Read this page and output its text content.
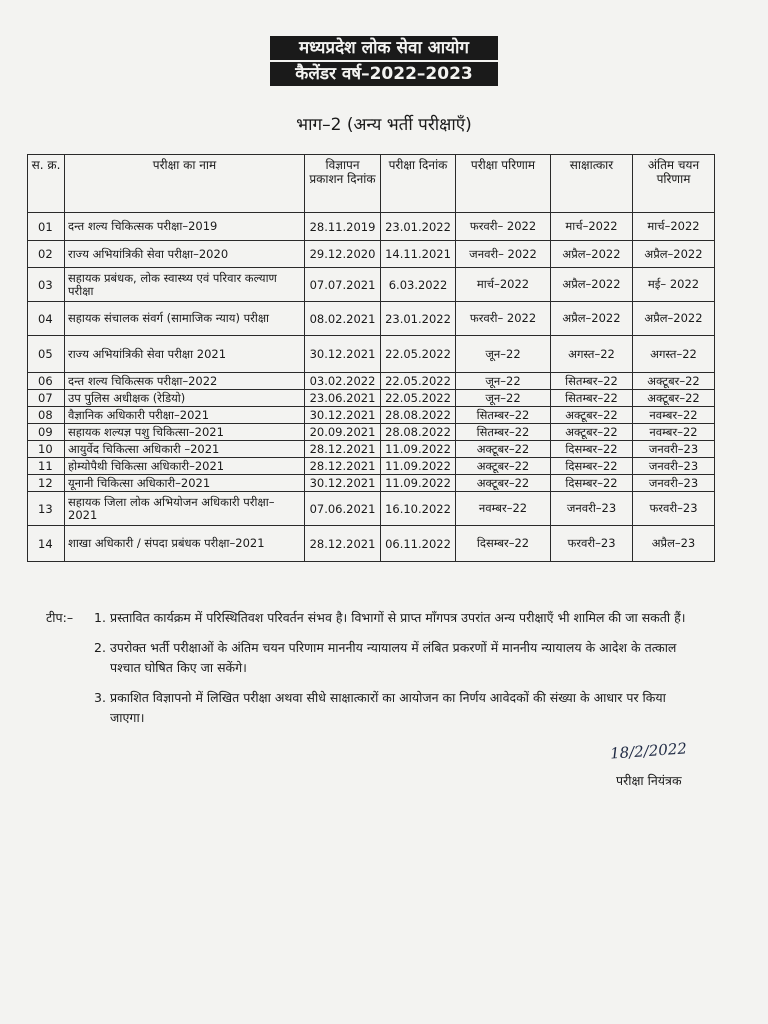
मध्यप्रदेश लोक सेवा आयोग
कैलेंडर वर्ष–2022–2023
भाग–2 (अन्य भर्ती परीक्षाएँ)
स. क्र.	परीक्षा का नाम	विज्ञापन प्रकाशन दिनांक	परीक्षा दिनांक	परीक्षा परिणाम	साक्षात्कार	अंतिम चयन परिणाम
01	दन्त शल्य चिकित्सक परीक्षा–2019	28.11.2019	23.01.2022	फरवरी– 2022	मार्च–2022	मार्च–2022
02	राज्य अभियांत्रिकी सेवा परीक्षा–2020	29.12.2020	14.11.2021	जनवरी– 2022	अप्रैल–2022	अप्रैल–2022
03	सहायक प्रबंधक, लोक स्वास्थ्य एवं परिवार कल्याण परीक्षा	07.07.2021	6.03.2022	मार्च–2022	अप्रैल–2022	मई– 2022
04	सहायक संचालक संवर्ग (सामाजिक न्याय) परीक्षा	08.02.2021	23.01.2022	फरवरी– 2022	अप्रैल–2022	अप्रैल–2022
05	राज्य अभियांत्रिकी सेवा परीक्षा 2021	30.12.2021	22.05.2022	जून–22	अगस्त–22	अगस्त–22
06	दन्त शल्य चिकित्सक परीक्षा–2022	03.02.2022	22.05.2022	जून–22	सितम्बर–22	अक्टूबर–22
07	उप पुलिस अधीक्षक (रेडियो)	23.06.2021	22.05.2022	जून–22	सितम्बर–22	अक्टूबर–22
08	वैज्ञानिक अधिकारी परीक्षा–2021	30.12.2021	28.08.2022	सितम्बर–22	अक्टूबर–22	नवम्बर–22
09	सहायक शल्यज्ञ पशु चिकित्सा–2021	20.09.2021	28.08.2022	सितम्बर–22	अक्टूबर–22	नवम्बर–22
10	आयुर्वेद चिकित्सा अधिकारी –2021	28.12.2021	11.09.2022	अक्टूबर–22	दिसम्बर–22	जनवरी–23
11	होम्योपैथी चिकित्सा अधिकारी–2021	28.12.2021	11.09.2022	अक्टूबर–22	दिसम्बर–22	जनवरी–23
12	यूनानी चिकित्सा अधिकारी–2021	30.12.2021	11.09.2022	अक्टूबर–22	दिसम्बर–22	जनवरी–23
13	सहायक जिला लोक अभियोजन अधिकारी परीक्षा–2021	07.06.2021	16.10.2022	नवम्बर–22	जनवरी–23	फरवरी–23
14	शाखा अधिकारी / संपदा प्रबंधक परीक्षा–2021	28.12.2021	06.11.2022	दिसम्बर–22	फरवरी–23	अप्रैल–23
टीप:– 1. प्रस्तावित कार्यक्रम में परिस्थितिवश परिवर्तन संभव है। विभागों से प्राप्त माँगपत्र उपरांत अन्य परीक्षाएँ भी शामिल की जा सकती हैं।
2. उपरोक्त भर्ती परीक्षाओं के अंतिम चयन परिणाम माननीय न्यायालय में लंबित प्रकरणों में माननीय न्यायालय के आदेश के तत्काल पश्चात घोषित किए जा सकेंगे।
3. प्रकाशित विज्ञापनो में लिखित परीक्षा अथवा सीधे साक्षात्कारों का आयोजन का निर्णय आवेदकों की संख्या के आधार पर किया जाएगा।
18/2/2022
परीक्षा नियंत्रक
